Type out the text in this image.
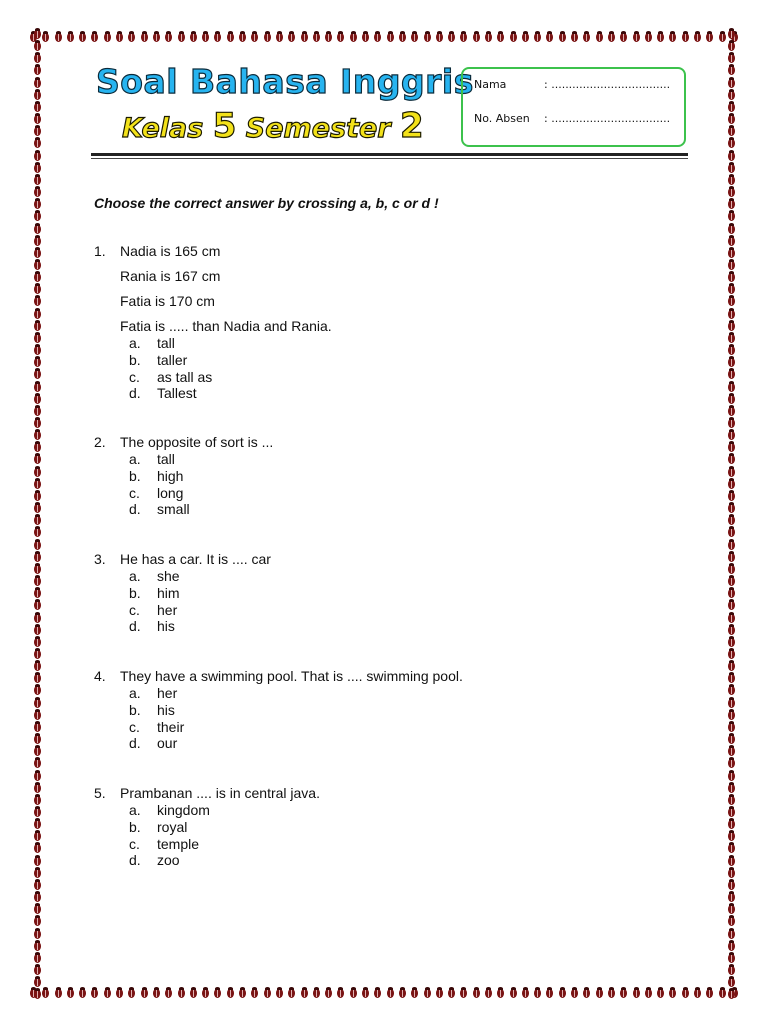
Soal Bahasa Inggris
Kelas 5 Semester 2
Nama	: ..................................
No. Absen : ..................................

Choose the correct answer by crossing a, b, c or d !

1. Nadia is 165 cm
Rania is 167 cm
Fatia is 170 cm
Fatia is ..... than Nadia and Rania.
a. tall
b. taller
c. as tall as
d. Tallest
2. The opposite of sort is ...
a. tall
b. high
c. long
d. small
3. He has a car. It is .... car
a. she
b. him
c. her
d. his
4. They have a swimming pool. That is .... swimming pool.
a. her
b. his
c. their
d. our
5. Prambanan .... is in central java.
a. kingdom
b. royal
c. temple
d. zoo
